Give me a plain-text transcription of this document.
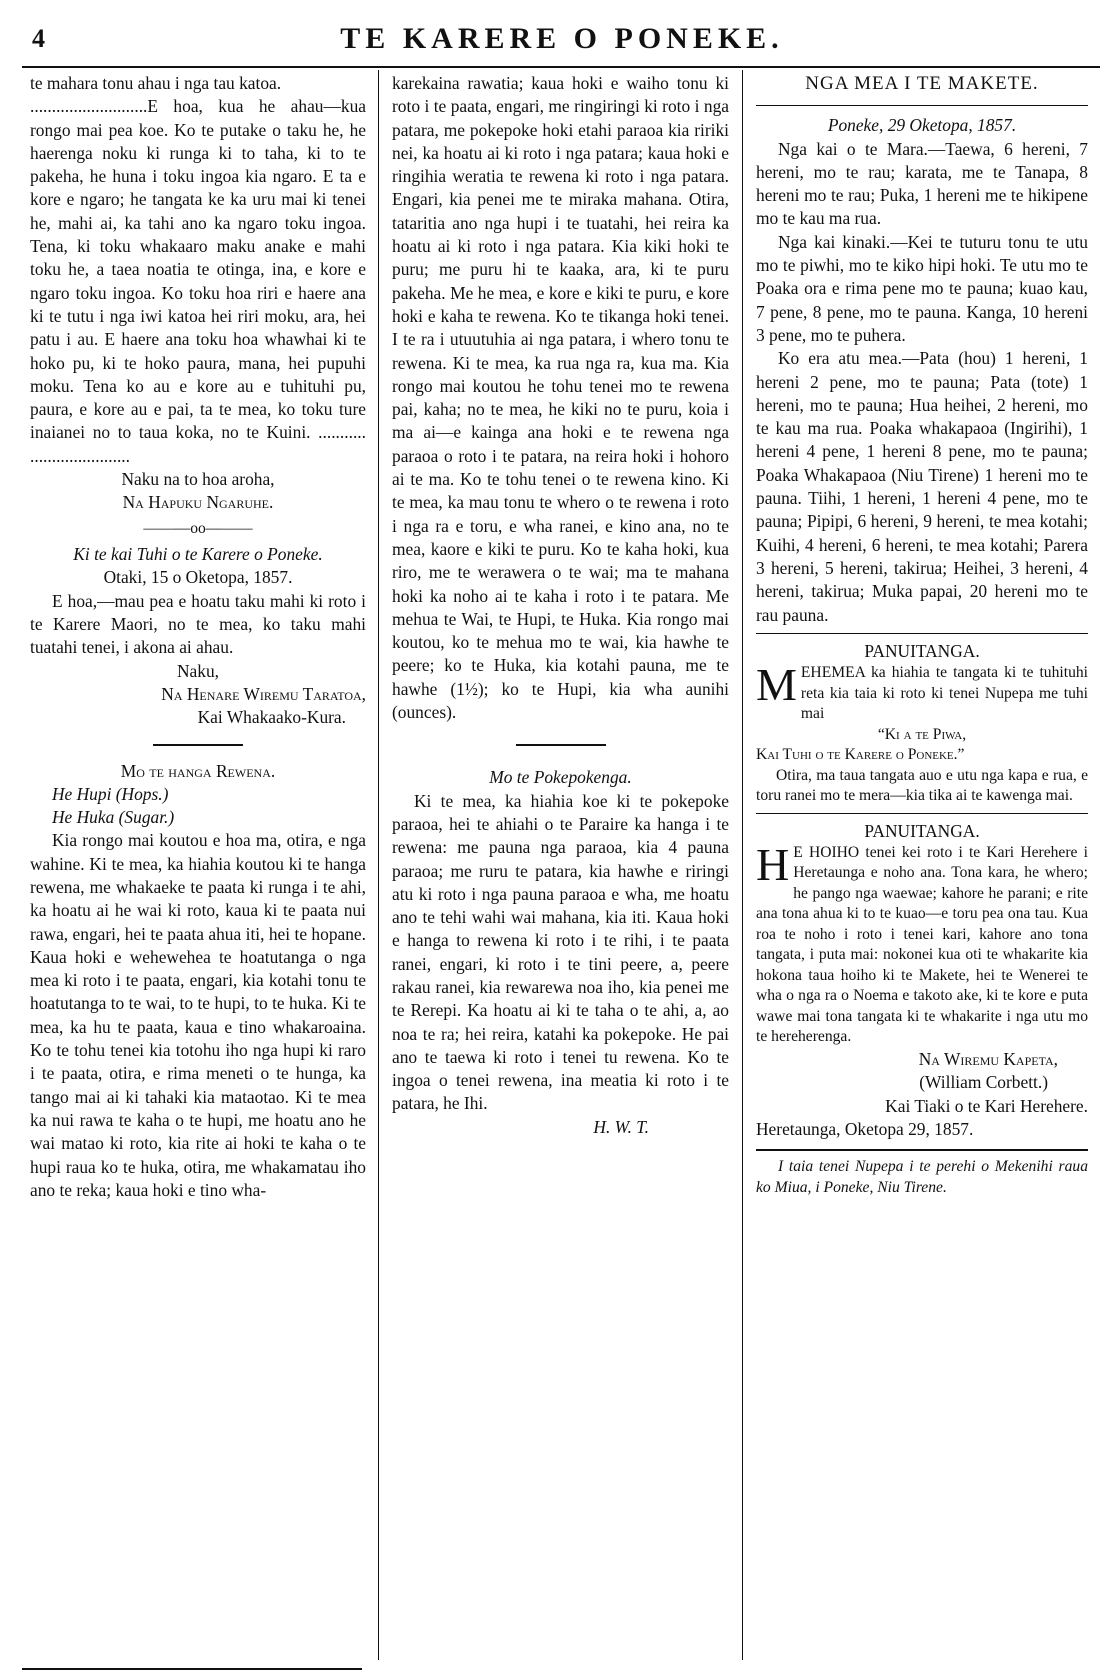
4	TE KARERE O PONEKE.

te mahara tonu ahau i nga tau katoa.

...........................E hoa, kua he ahau—kua rongo mai pea koe. Ko te putake o taku he, he haerenga noku ki runga ki to taha, ki to te pakeha, he huna i toku ingoa kia ngaro. E ta e kore e ngaro; he tangata ke ka uru mai ki tenei he, mahi ai, ka tahi ano ka ngaro toku ingoa. Tena, ki toku whakaaro maku anake e mahi toku he, a taea noatia te otinga, ina, e kore e ngaro toku ingoa. Ko toku hoa riri e haere ana ki te tutu i nga iwi katoa hei riri moku, ara, hei patu i au. E haere ana toku hoa whawhai ki te hoko pu, ki te hoko paura, mana, hei pupuhi moku. Tena ko au e kore au e tuhituhi pu, paura, e kore au e pai, ta te mea, ko toku ture inaianei no to taua koka, no te Kuini. ........... .......................

Naku na to hoa aroha,

Na Hapuku Ngaruhe.

———oo———

Ki te kai Tuhi o te Karere o Poneke.

Otaki, 15 o Oketopa, 1857.

E hoa,—mau pea e hoatu taku mahi ki roto i te Karere Maori, no te mea, ko taku mahi tuatahi tenei, i akona ai ahau.

Naku,

Na Henare Wiremu Taratoa,

Kai Whakaako-Kura.

Mo te hanga Rewena.

He Hupi (Hops.)

He Huka (Sugar.)

Kia rongo mai koutou e hoa ma, otira, e nga wahine. Ki te mea, ka hiahia koutou ki te hanga rewena, me whakaeke te paata ki runga i te ahi, ka hoatu ai he wai ki roto, kaua ki te paata nui rawa, engari, hei te paata ahua iti, hei te hopane. Kaua hoki e wehewehea te hoatutanga o nga mea ki roto i te paata, engari, kia kotahi tonu te hoatutanga to te wai, to te hupi, to te huka. Ki te mea, ka hu te paata, kaua e tino whakaroaina. Ko te tohu tenei kia totohu iho nga hupi ki raro i te paata, otira, e rima meneti o te hunga, ka tango mai ai ki tahaki kia mataotao. Ki te mea ka nui rawa te kaha o te hupi, me hoatu ano he wai matao ki roto, kia rite ai hoki te kaha o te hupi raua ko te huka, otira, me whakamatau iho ano te reka; kaua hoki e tino wha-

karekaina rawatia; kaua hoki e waiho tonu ki roto i te paata, engari, me ringiringi ki roto i nga patara, me pokepoke hoki etahi paraoa kia ririki nei, ka hoatu ai ki roto i nga patara; kaua hoki e ringihia weratia te rewena ki roto i nga patara. Engari, kia penei me te miraka mahana. Otira, tataritia ano nga hupi i te tuatahi, hei reira ka hoatu ai ki roto i nga patara. Kia kiki hoki te puru; me puru hi te kaaka, ara, ki te puru pakeha. Me he mea, e kore e kiki te puru, e kore hoki e kaha te rewena. Ko te tikanga hoki tenei. I te ra i utuutuhia ai nga patara, i whero tonu te rewena. Ki te mea, ka rua nga ra, kua ma. Kia rongo mai koutou he tohu tenei mo te rewena pai, kaha; no te mea, he kiki no te puru, koia i ma ai—e kainga ana hoki e te rewena nga paraoa o roto i te patara, na reira hoki i hohoro ai te ma. Ko te tohu tenei o te rewena kino. Ki te mea, ka mau tonu te whero o te rewena i roto i nga ra e toru, e wha ranei, e kino ana, no te mea, kaore e kiki te puru. Ko te kaha hoki, kua riro, me te werawera o te wai; ma te mahana hoki ka noho ai te kaha i roto i te patara. Me mehua te Wai, te Hupi, te Huka. Kia rongo mai koutou, ko te mehua mo te wai, kia hawhe te peere; ko te Huka, kia kotahi pauna, me te hawhe (1½); ko te Hupi, kia wha aunihi (ounces).

Mo te Pokepokenga.

Ki te mea, ka hiahia koe ki te pokepoke paraoa, hei te ahiahi o te Paraire ka hanga i te rewena: me pauna nga paraoa, kia 4 pauna paraoa; me ruru te patara, kia hawhe e riringi atu ki roto i nga pauna paraoa e wha, me hoatu ano te tehi wahi wai mahana, kia iti. Kaua hoki e hanga to rewena ki roto i te rihi, i te paata ranei, engari, ki roto i te tini peere, a, peere rakau ranei, kia rewarewa noa iho, kia penei me te Rerepi. Ka hoatu ai ki te taha o te ahi, a, ao noa te ra; hei reira, katahi ka pokepoke. He pai ano te taewa ki roto i tenei tu rewena. Ko te ingoa o tenei rewena, ina meatia ki roto i te patara, he Ihi.

H. W. T.

NGA MEA I TE MAKETE.

Poneke, 29 Oketopa, 1857.

Nga kai o te Mara.—Taewa, 6 hereni, 7 hereni, mo te rau; karata, me te Tanapa, 8 hereni mo te rau; Puka, 1 hereni me te hikipene mo te kau ma rua.

Nga kai kinaki.—Kei te tuturu tonu te utu mo te piwhi, mo te kiko hipi hoki. Te utu mo te Poaka ora e rima pene mo te pauna; kuao kau, 7 pene, 8 pene, mo te pauna. Kanga, 10 hereni 3 pene, mo te puhera.

Ko era atu mea.—Pata (hou) 1 hereni, 1 hereni 2 pene, mo te pauna; Pata (tote) 1 hereni, mo te pauna; Hua heihei, 2 hereni, mo te kau ma rua. Poaka whakapaoa (Ingirihi), 1 hereni 4 pene, 1 hereni 8 pene, mo te pauna; Poaka Whakapaoa (Niu Tirene) 1 hereni mo te pauna. Tiihi, 1 hereni, 1 hereni 4 pene, mo te pauna; Pipipi, 6 hereni, 9 hereni, te mea kotahi; Kuihi, 4 hereni, 6 hereni, te mea kotahi; Parera 3 hereni, 5 hereni, takirua; Heihei, 3 hereni, 4 hereni, takirua; Muka papai, 20 hereni mo te rau pauna.

PANUITANGA.

M EHEMEA ka hiahia te tangata ki te tuhituhi reta kia taia ki roto ki tenei Nupepa me tuhi mai
“Ki a te Piwa,
Kai Tuhi o te Karere o Poneke.”
Otira, ma taua tangata auo e utu nga kapa e rua, e toru ranei mo te mera—kia tika ai te kawenga mai.

PANUITANGA.

H E HOIHO tenei kei roto i te Kari Herehere i Heretaunga e noho ana. Tona kara, he whero; he pango nga waewae; kahore he parani; e rite ana tona ahua ki to te kuao—e toru pea ona tau. Kua roa te noho i roto i tenei kari, kahore ano tona tangata, i puta mai: nokonei kua oti te whakarite kia hokona taua hoiho ki te Makete, hei te Wenerei te wha o nga ra o Noema e takoto ake, ki te kore e puta wawe mai tona tangata ki te whakarite i nga utu mo te hereherenga.

Na Wiremu Kapeta,

(William Corbett.)

Kai Tiaki o te Kari Herehere.

Heretaunga, Oketopa 29, 1857.

I taia tenei Nupepa i te perehi o Mekenihi raua ko Miua, i Poneke, Niu Tirene.
